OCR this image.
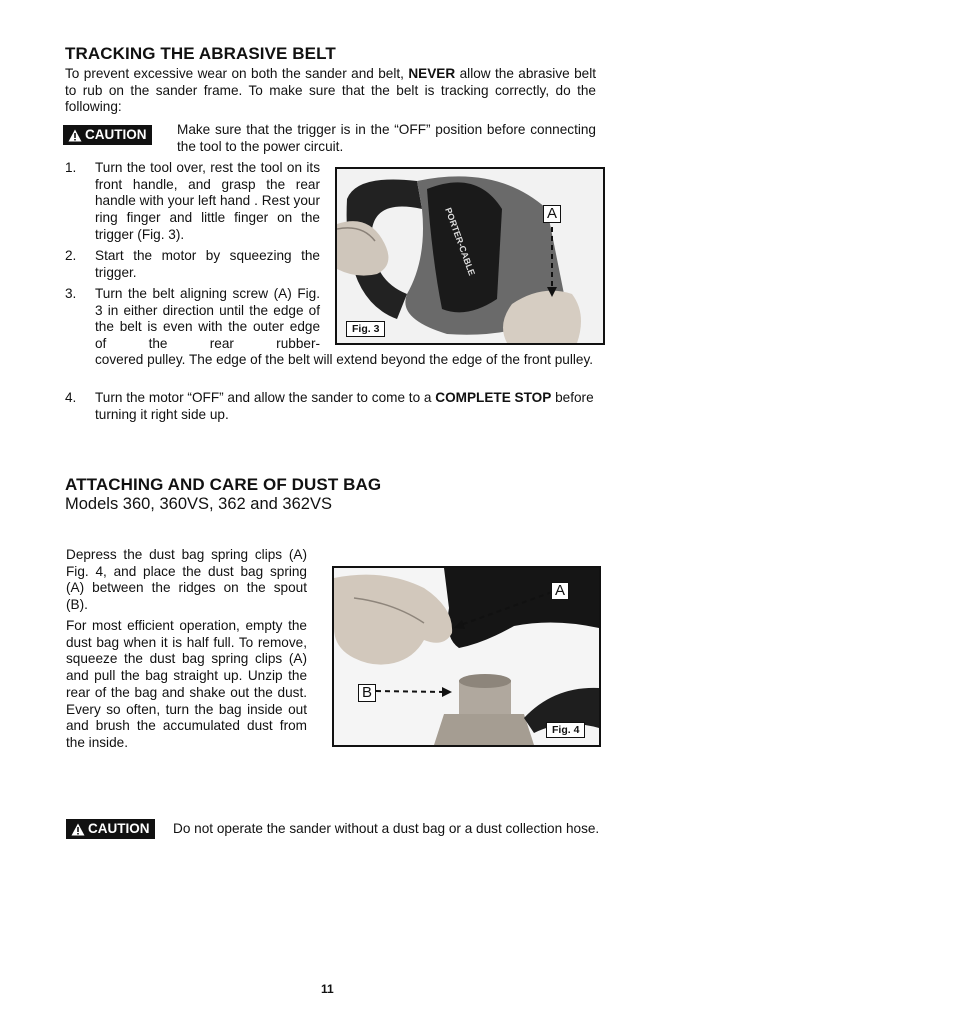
TRACKING THE ABRASIVE BELT
To prevent excessive wear on both the sander and belt, NEVER allow the abrasive belt to rub on the sander frame. To make sure that the belt is tracking correctly, do the following:
CAUTION Make sure that the trigger is in the “OFF” position before connecting the tool to the power circuit.
1. Turn the tool over, rest the tool on its front handle, and grasp the rear handle with your left hand . Rest your ring finger and little finger on the trigger (Fig. 3).
2. Start the motor by squeezing the trigger.
3. Turn the belt aligning screw (A) Fig. 3 in either direction until the edge of the belt is even with the outer edge of the rear rubber-
covered pulley. The edge of the belt will extend beyond the edge of the front pulley.
4. Turn the motor “OFF” and allow the sander to come to a COMPLETE STOP before turning it right side up.
PORTER-CABLE	A
Fig. 3
ATTACHING AND CARE OF DUST BAG
Models 360, 360VS, 362 and 362VS
Depress the dust bag spring clips (A) Fig. 4, and place the dust bag spring (A) between the ridges on the spout (B).
For most efficient operation, empty the dust bag when it is half full. To remove, squeeze the dust bag spring clips (A) and pull the bag straight up. Unzip the rear of the bag and shake out the dust. Every so often, turn the bag inside out and brush the accumulated dust from the inside.
A
B
Fig. 4
CAUTION Do not operate the sander without a dust bag or a dust collection hose.
11
